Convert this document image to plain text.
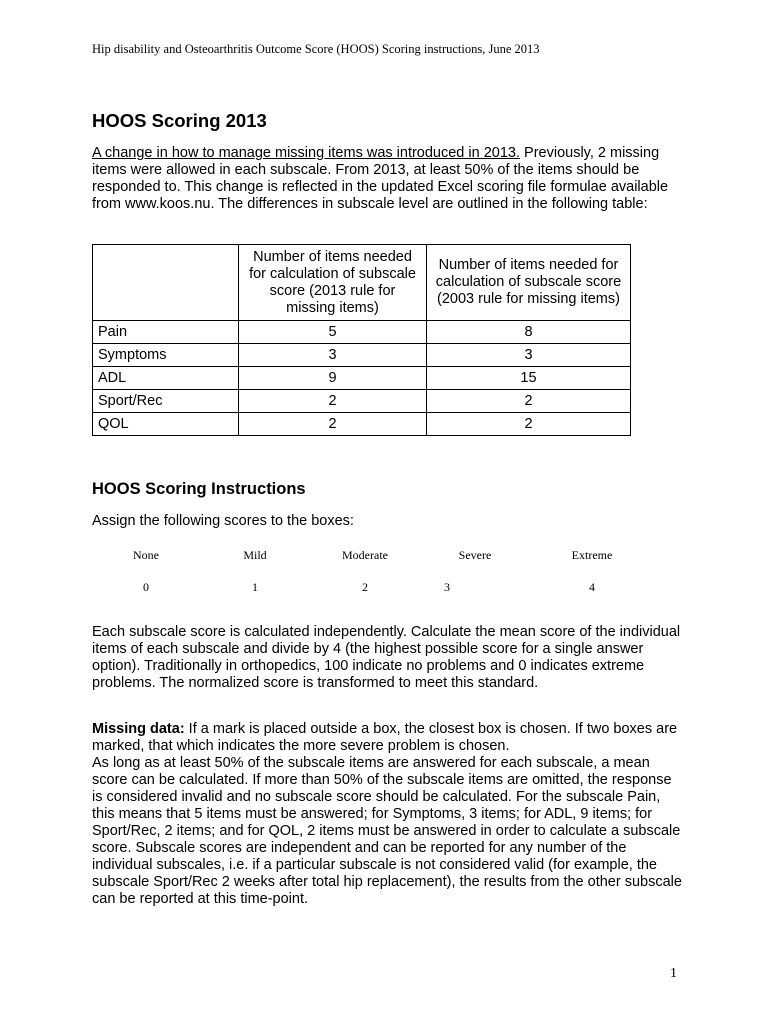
Hip disability and Osteoarthritis Outcome Score (HOOS) Scoring instructions, June 2013
HOOS Scoring 2013

A change in how to manage missing items was introduced in 2013. Previously, 2 missing items were allowed in each subscale. From 2013, at least 50% of the items should be responded to. This change is reflected in the updated Excel scoring file formulae available from www.koos.nu. The differences in subscale level are outlined in the following table:

	Number of items needed for calculation of subscale score (2013 rule for missing items)	Number of items needed for calculation of subscale score (2003 rule for missing items)
Pain	5	8
Symptoms	3	3
ADL	9	15
Sport/Rec	2	2
QOL	2	2
HOOS Scoring Instructions

Assign the following scores to the boxes:

None	Mild	Moderate	Severe	Extreme
0	1	2	3	4

Each subscale score is calculated independently. Calculate the mean score of the individual items of each subscale and divide by 4 (the highest possible score for a single answer option). Traditionally in orthopedics, 100 indicate no problems and 0 indicates extreme problems. The normalized score is transformed to meet this standard.

Missing data: If a mark is placed outside a box, the closest box is chosen. If two boxes are marked, that which indicates the more severe problem is chosen.
As long as at least 50% of the subscale items are answered for each subscale, a mean score can be calculated. If more than 50% of the subscale items are omitted, the response is considered invalid and no subscale score should be calculated. For the subscale Pain, this means that 5 items must be answered; for Symptoms, 3 items; for ADL, 9 items; for Sport/Rec, 2 items; and for QOL, 2 items must be answered in order to calculate a subscale score. Subscale scores are independent and can be reported for any number of the individual subscales, i.e. if a particular subscale is not considered valid (for example, the subscale Sport/Rec 2 weeks after total hip replacement), the results from the other subscale can be reported at this time-point.

1
